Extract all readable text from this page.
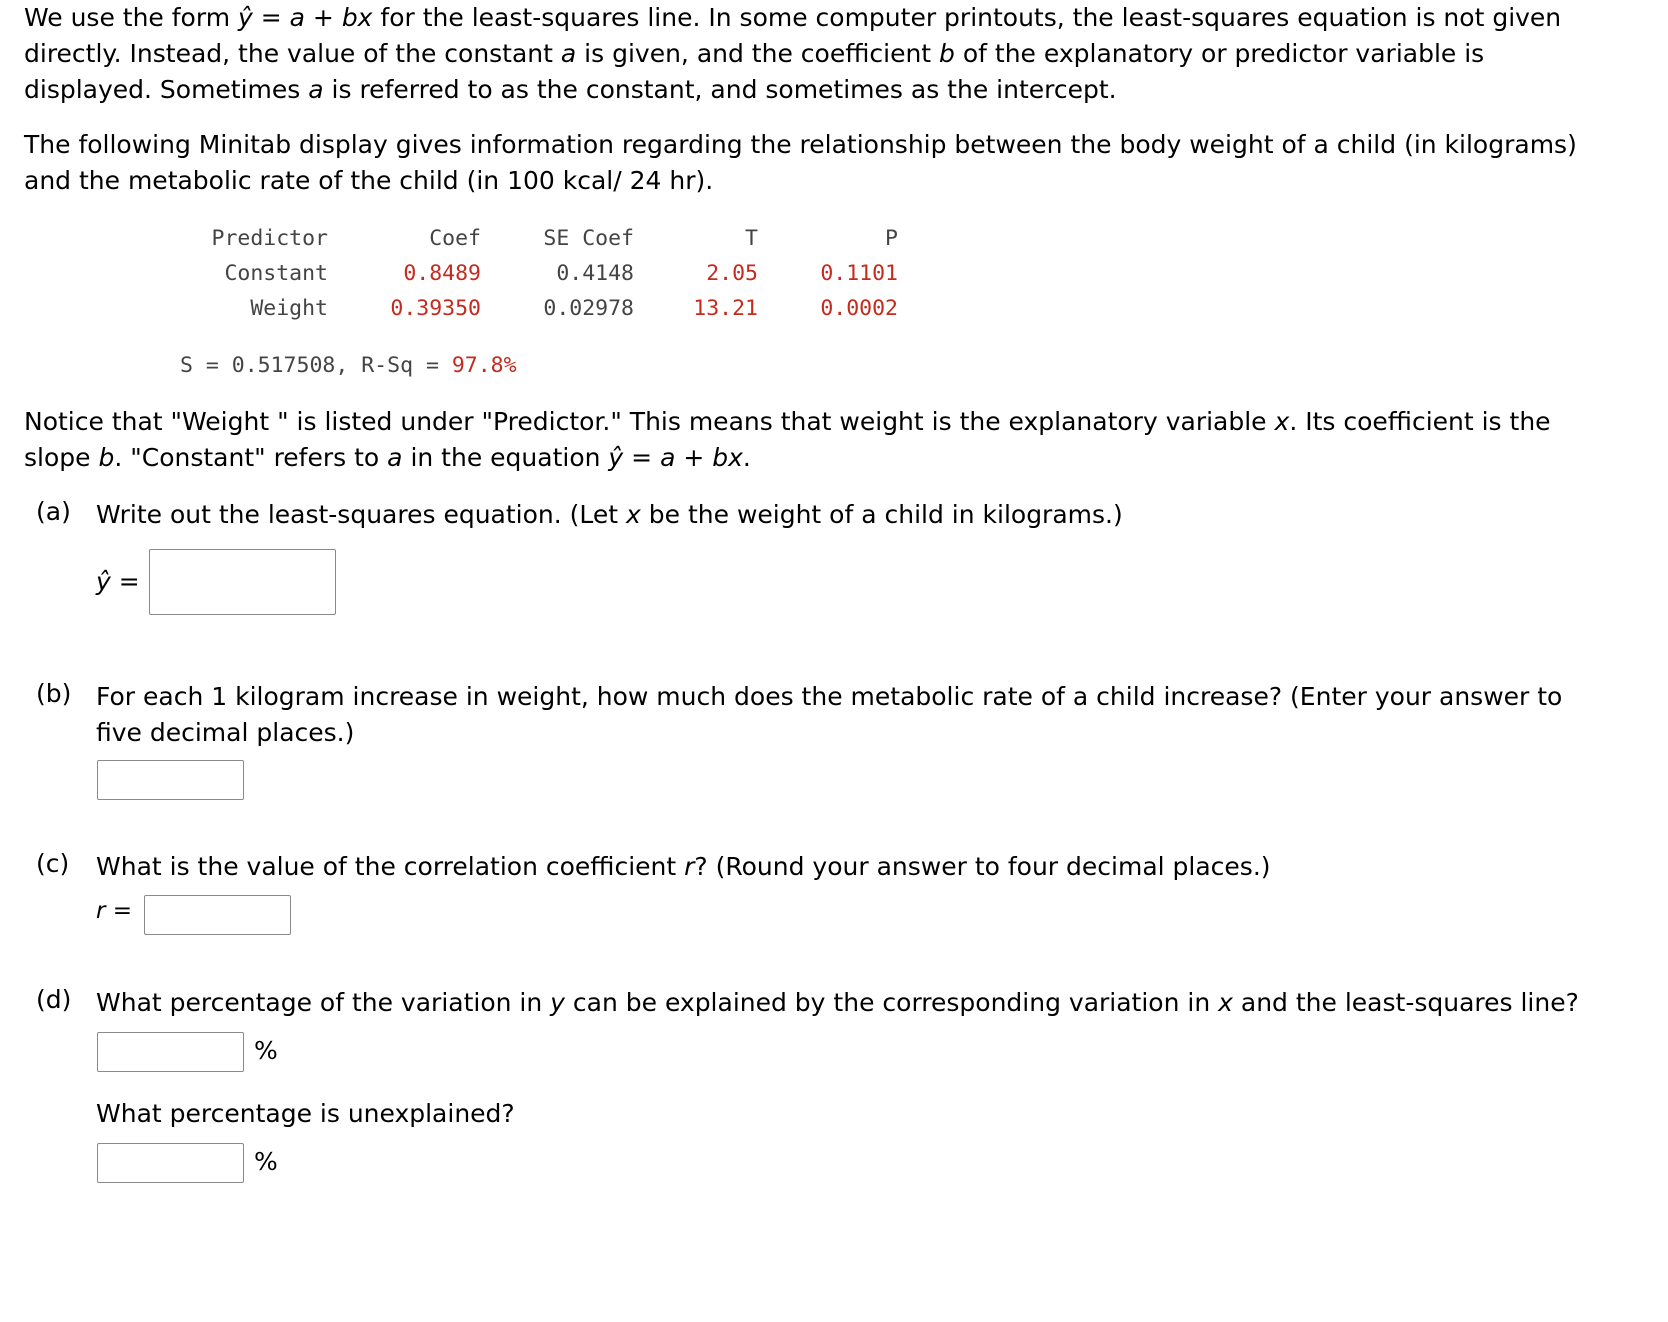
We use the form ŷ = a + bx for the least-squares line. In some computer printouts, the least-squares equation is not given
directly. Instead, the value of the constant a is given, and the coefficient b of the explanatory or predictor variable is
displayed. Sometimes a is referred to as the constant, and sometimes as the intercept.
The following Minitab display gives information regarding the relationship between the body weight of a child (in kilograms)
and the metabolic rate of the child (in 100 kcal/ 24 hr).
Predictor	Coef	SE Coef	T	P
Constant	0.8489	0.4148	2.05	0.1101
Weight	0.39350	0.02978	13.21	0.0002
S = 0.517508, R-Sq = 97.8%
Notice that "Weight " is listed under "Predictor." This means that weight is the explanatory variable x. Its coefficient is the
slope b. "Constant" refers to a in the equation ŷ = a + bx.
(a) Write out the least-squares equation. (Let x be the weight of a child in kilograms.)
ŷ =
(b) For each 1 kilogram increase in weight, how much does the metabolic rate of a child increase? (Enter your answer to
five decimal places.)
(c) What is the value of the correlation coefficient r? (Round your answer to four decimal places.)
r =
(d) What percentage of the variation in y can be explained by the corresponding variation in x and the least-squares line?
%
What percentage is unexplained?
%
